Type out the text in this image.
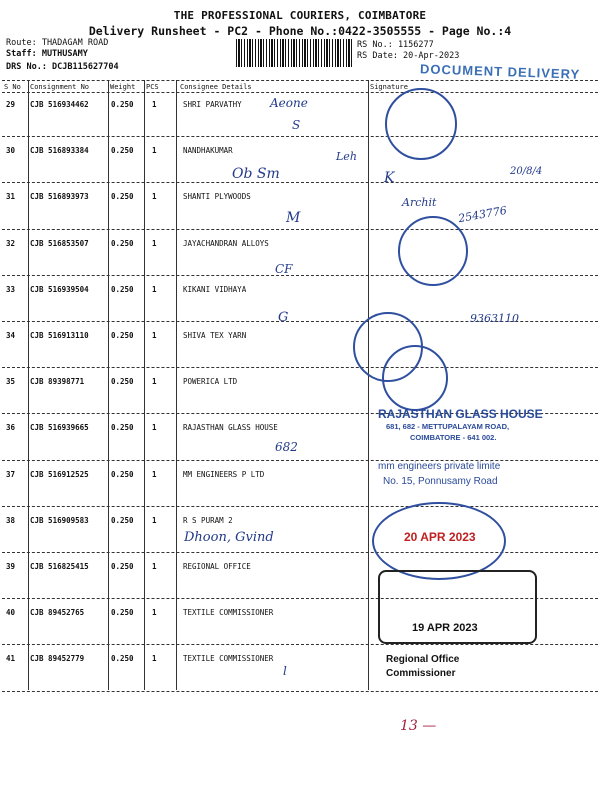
THE PROFESSIONAL COURIERS, COIMBATORE
Delivery Runsheet - PC2 - Phone No.:0422-3505555 - Page No.:4
Route: THADAGAM ROAD
Staff: MUTHUSAMY
DRS No.: DCJB115627704
RS No.: 1156277
RS Date: 20-Apr-2023
DOCUMENT DELIVERY
S No Consignment No	Weight PCS	Consignee Details	Signature
29 CJB 516934462	0.250 1	SHRI PARVATHY
30 CJB 516893384	0.250 1	NANDHAKUMAR
31 CJB 516893973	0.250 1	SHANTI PLYWOODS
32 CJB 516853507	0.250 1	JAYACHANDRAN ALLOYS
33 CJB 516939504	0.250 1	KIKANI VIDHAYA
34 CJB 516913110	0.250 1	SHIVA TEX YARN
35 CJB 89398771	0.250 1	POWERICA LTD
36 CJB 516939665	0.250 1	RAJASTHAN GLASS HOUSE
37 CJB 516912525	0.250 1	MM ENGINEERS P LTD
38 CJB 516909583	0.250 1	R S PURAM 2
39 CJB 516825415	0.250 1	REGIONAL OFFICE
40 CJB 89452765	0.250 1	TEXTILE COMMISSIONER
41 CJB 89452779	0.250 1	TEXTILE COMMISSIONER
RAJASTHAN GLASS HOUSE
681, 682 - METTUPALAYAM ROAD,
COIMBATORE - 641 002.
mm engineers private limite
No. 15, Ponnusamy Road
20 APR 2023
19 APR 2023
Regional Office
Commissioner
Aeone
S
Leh
Ob Sm	K	20/8/4
Archit
2543776
M
CF
G	9363110
682
Dhoon, Gvind
l
13 —
